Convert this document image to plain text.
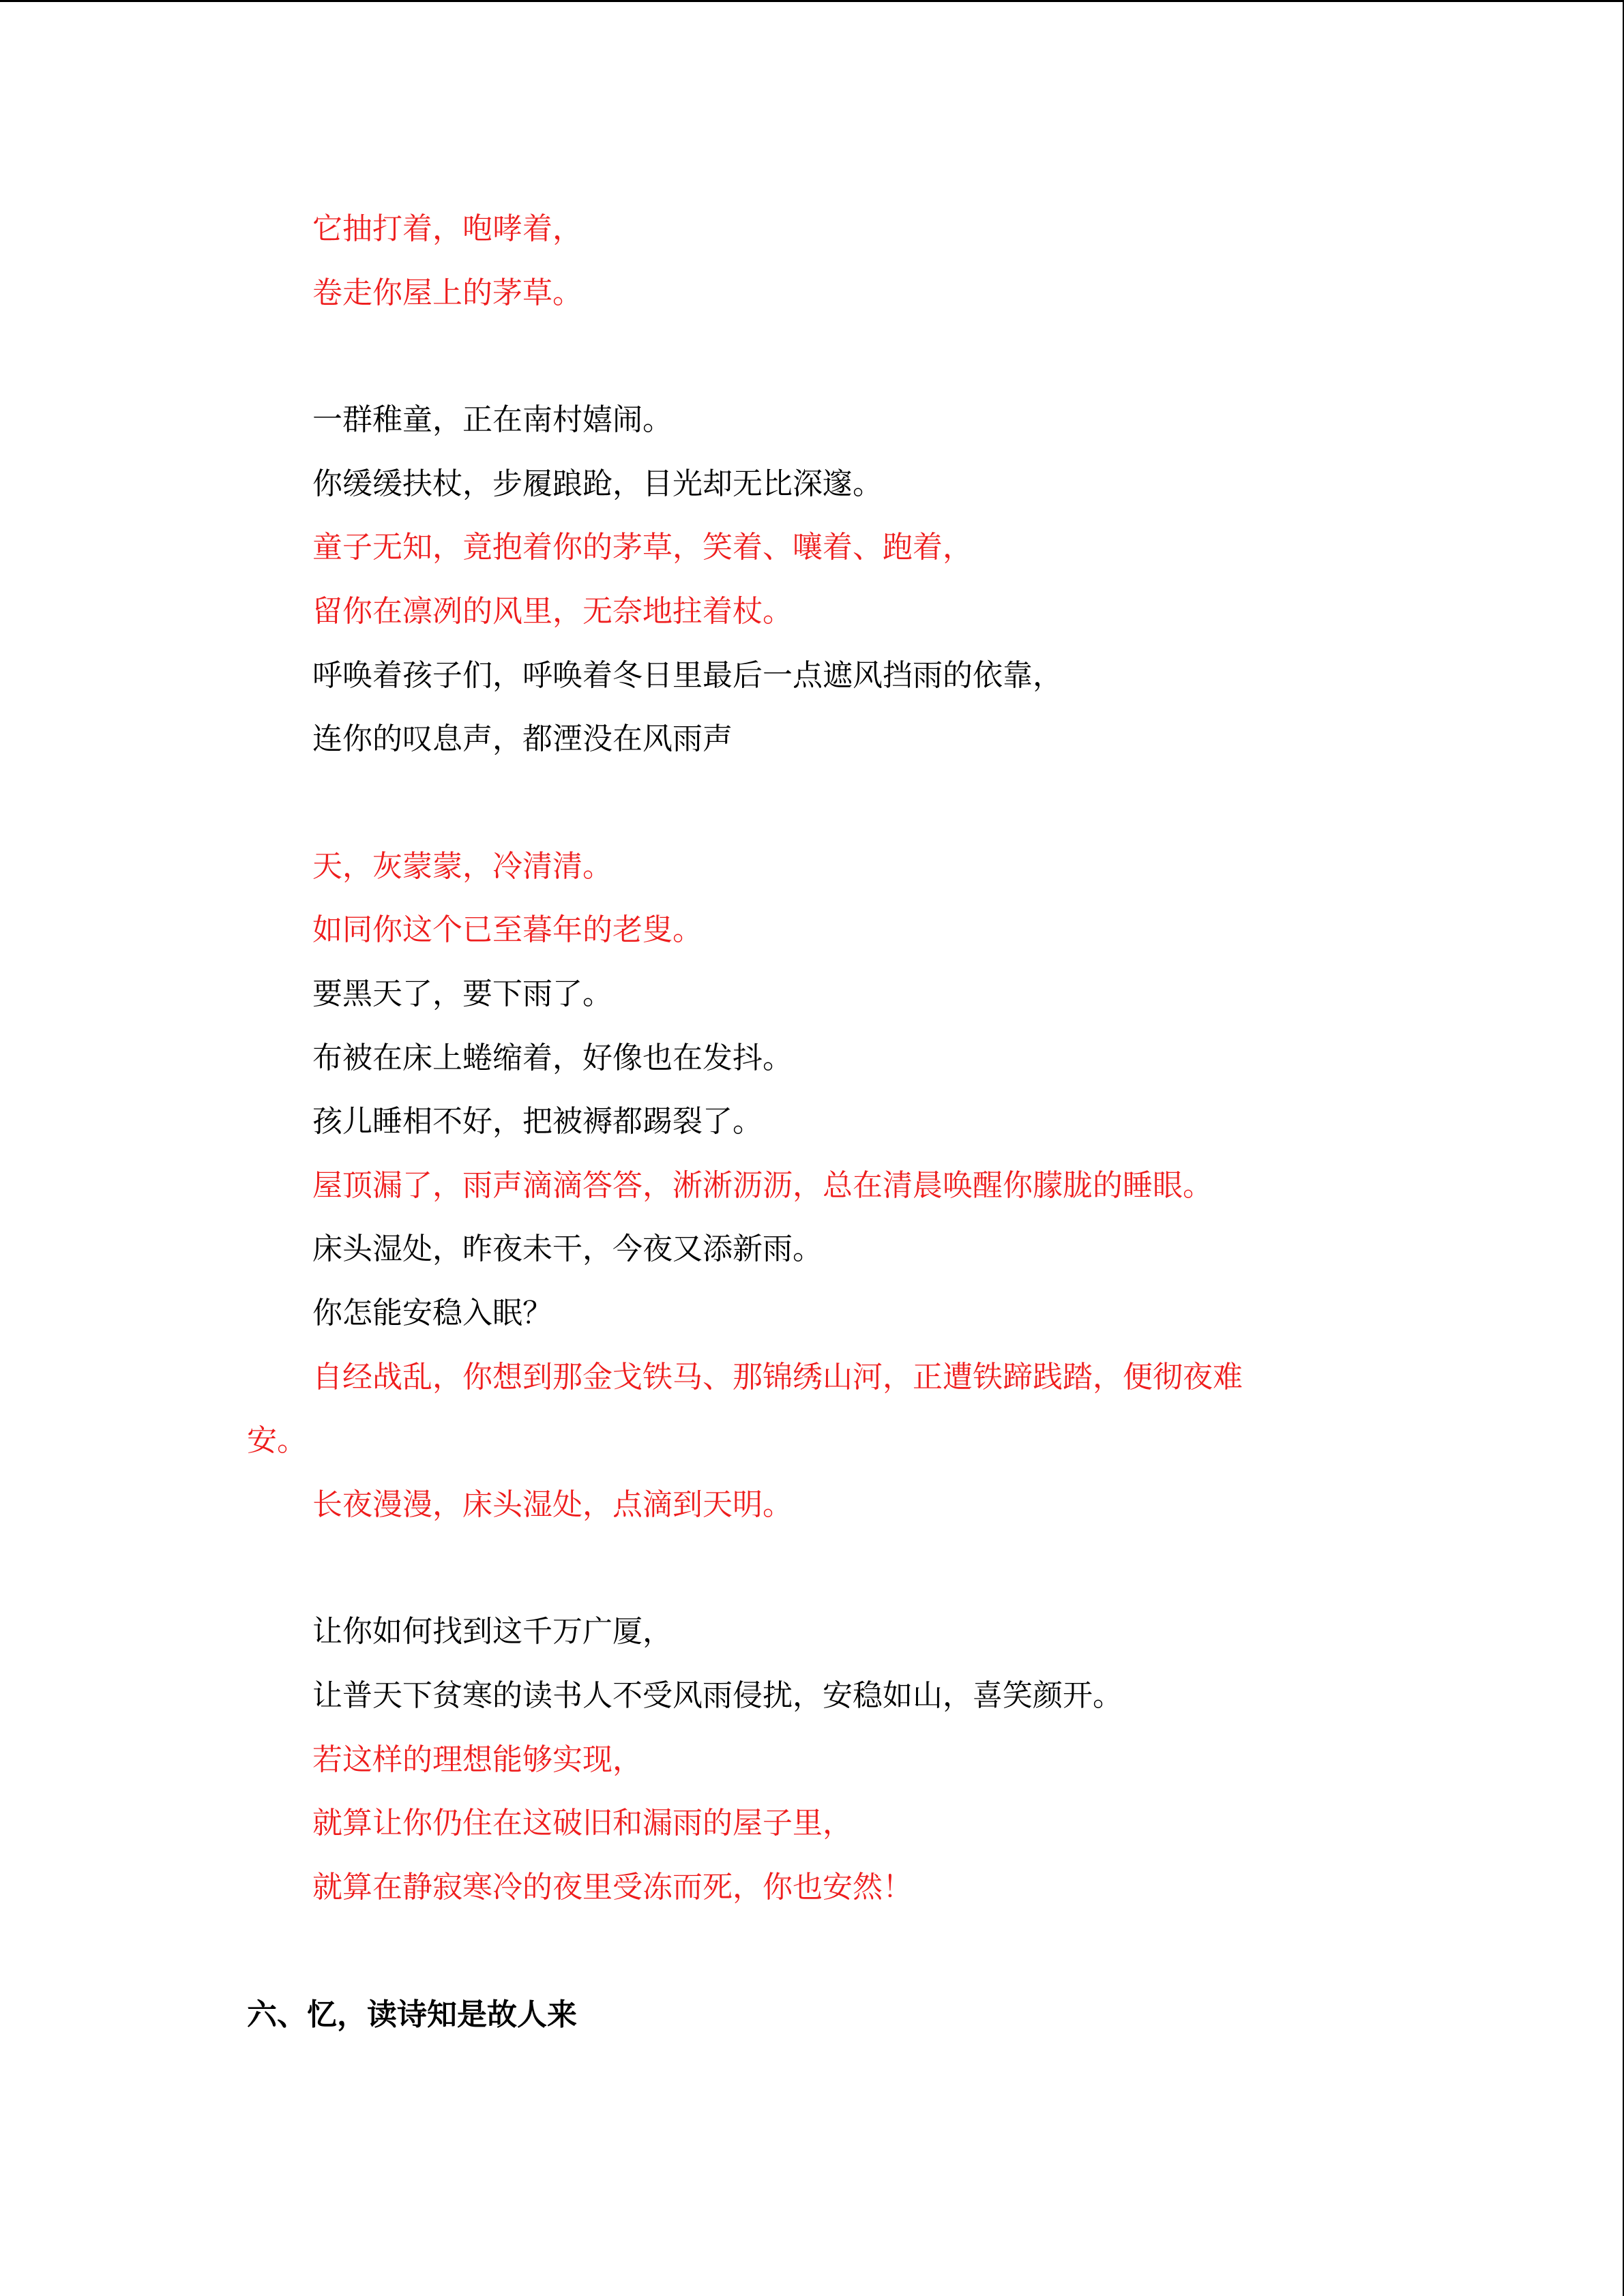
它抽打着，咆哮着，
卷走你屋上的茅草。
一群稚童，正在南村嬉闹。
你缓缓扶杖，步履踉跄，目光却无比深邃。
童子无知，竟抱着你的茅草，笑着、嚷着、跑着，
留你在凛冽的风里，无奈地拄着杖。
呼唤着孩子们，呼唤着冬日里最后一点遮风挡雨的依靠，
连你的叹息声，都湮没在风雨声
天，灰蒙蒙，冷清清。
如同你这个已至暮年的老叟。
要黑天了，要下雨了。
布被在床上蜷缩着，好像也在发抖。
孩儿睡相不好，把被褥都踢裂了。
屋顶漏了，雨声滴滴答答，淅淅沥沥，总在清晨唤醒你朦胧的睡眼。
床头湿处，昨夜未干，今夜又添新雨。
你怎能安稳入眠？
自经战乱，你想到那金戈铁马、那锦绣山河，正遭铁蹄践踏，便彻夜难
安。
长夜漫漫，床头湿处，点滴到天明。
让你如何找到这千万广厦，
让普天下贫寒的读书人不受风雨侵扰，安稳如山，喜笑颜开。
若这样的理想能够实现，
就算让你仍住在这破旧和漏雨的屋子里，
就算在静寂寒冷的夜里受冻而死，你也安然！
六、忆，读诗知是故人来
